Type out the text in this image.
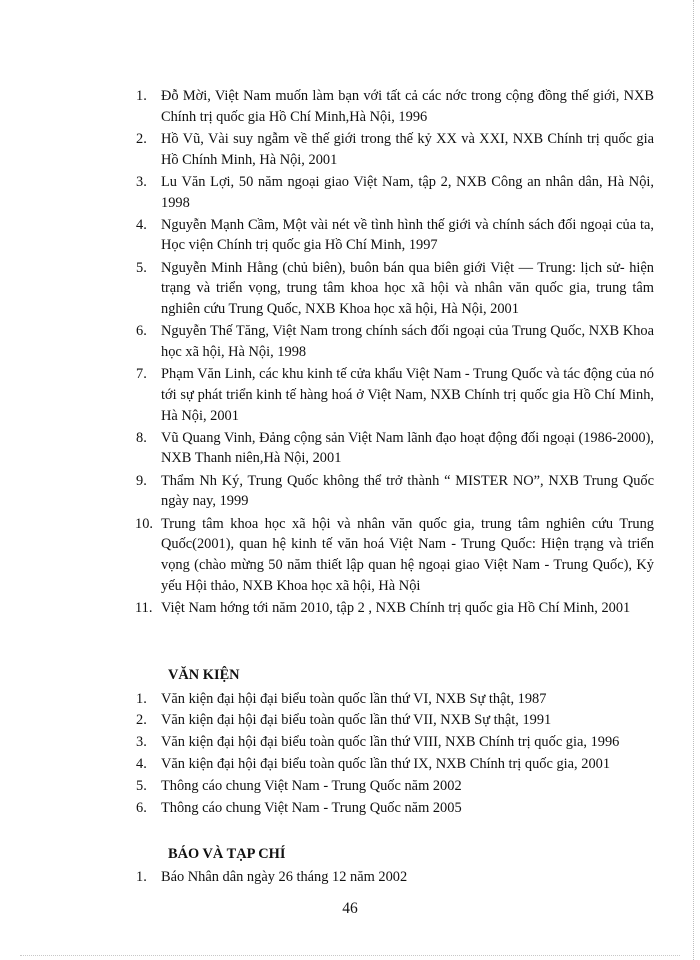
1. Đỗ Mời, Việt Nam muốn làm bạn với tất cả các nớc trong cộng đồng thế giới, NXB Chính trị quốc gia Hồ Chí Minh,Hà Nội, 1996
2. Hồ Vũ, Vài suy ngẫm về thế giới trong thế kỷ XX và XXI, NXB Chính trị quốc gia Hồ Chính Minh, Hà Nội, 2001
3. Lu Văn Lợi, 50 năm ngoại giao Việt Nam, tập 2, NXB Công an nhân dân, Hà Nội, 1998
4. Nguyễn Mạnh Cầm, Một vài nét về tình hình thế giới và chính sách đối ngoại của ta, Học viện Chính trị quốc gia Hồ Chí Minh, 1997
5. Nguyễn Minh Hằng (chủ biên), buôn bán qua biên giới Việt — Trung: lịch sử- hiện trạng và triển vọng, trung tâm khoa học xã hội và nhân văn quốc gia, trung tâm nghiên cứu Trung Quốc, NXB Khoa học xã hội, Hà Nội, 2001
6. Nguyễn Thế Tăng, Việt Nam trong chính sách đối ngoại của Trung Quốc, NXB Khoa học xã hội, Hà Nội, 1998
7. Phạm Văn Linh, các khu kinh tế cửa khẩu Việt Nam - Trung Quốc và tác động của nó tới sự phát triển kinh tế hàng hoá ở Việt Nam, NXB Chính trị quốc gia Hồ Chí Minh, Hà Nội, 2001
8. Vũ Quang Vinh, Đảng cộng sản Việt Nam lãnh đạo hoạt động đối ngoại (1986-2000), NXB Thanh niên,Hà Nội, 2001
9. Thẩm Nh Ký, Trung Quốc không thể trở thành “ MISTER NO”, NXB Trung Quốc ngày nay, 1999
10. Trung tâm khoa học xã hội và nhân văn quốc gia, trung tâm nghiên cứu Trung Quốc(2001), quan hệ kinh tế văn hoá Việt Nam - Trung Quốc: Hiện trạng và triển vọng (chào mừng 50 năm thiết lập quan hệ ngoại giao Việt Nam - Trung Quốc), Kỷ yếu Hội thảo, NXB Khoa học xã hội, Hà Nội
11. Việt Nam hớng tới năm 2010, tập 2 , NXB Chính trị quốc gia Hồ Chí Minh, 2001
VĂN KIỆN
1. Văn kiện đại hội đại biểu toàn quốc lần thứ VI, NXB Sự thật, 1987
2. Văn kiện đại hội đại biểu toàn quốc lần thứ VII, NXB Sự thật, 1991
3. Văn kiện đại hội đại biểu toàn quốc lần thứ VIII, NXB Chính trị quốc gia, 1996
4. Văn kiện đại hội đại biểu toàn quốc lần thứ IX, NXB Chính trị quốc gia, 2001
5. Thông cáo chung Việt Nam - Trung Quốc năm 2002
6. Thông cáo chung Việt Nam - Trung Quốc năm 2005
BÁO VÀ TẠP CHÍ
1. Báo Nhân dân ngày 26 tháng 12 năm 2002
46
